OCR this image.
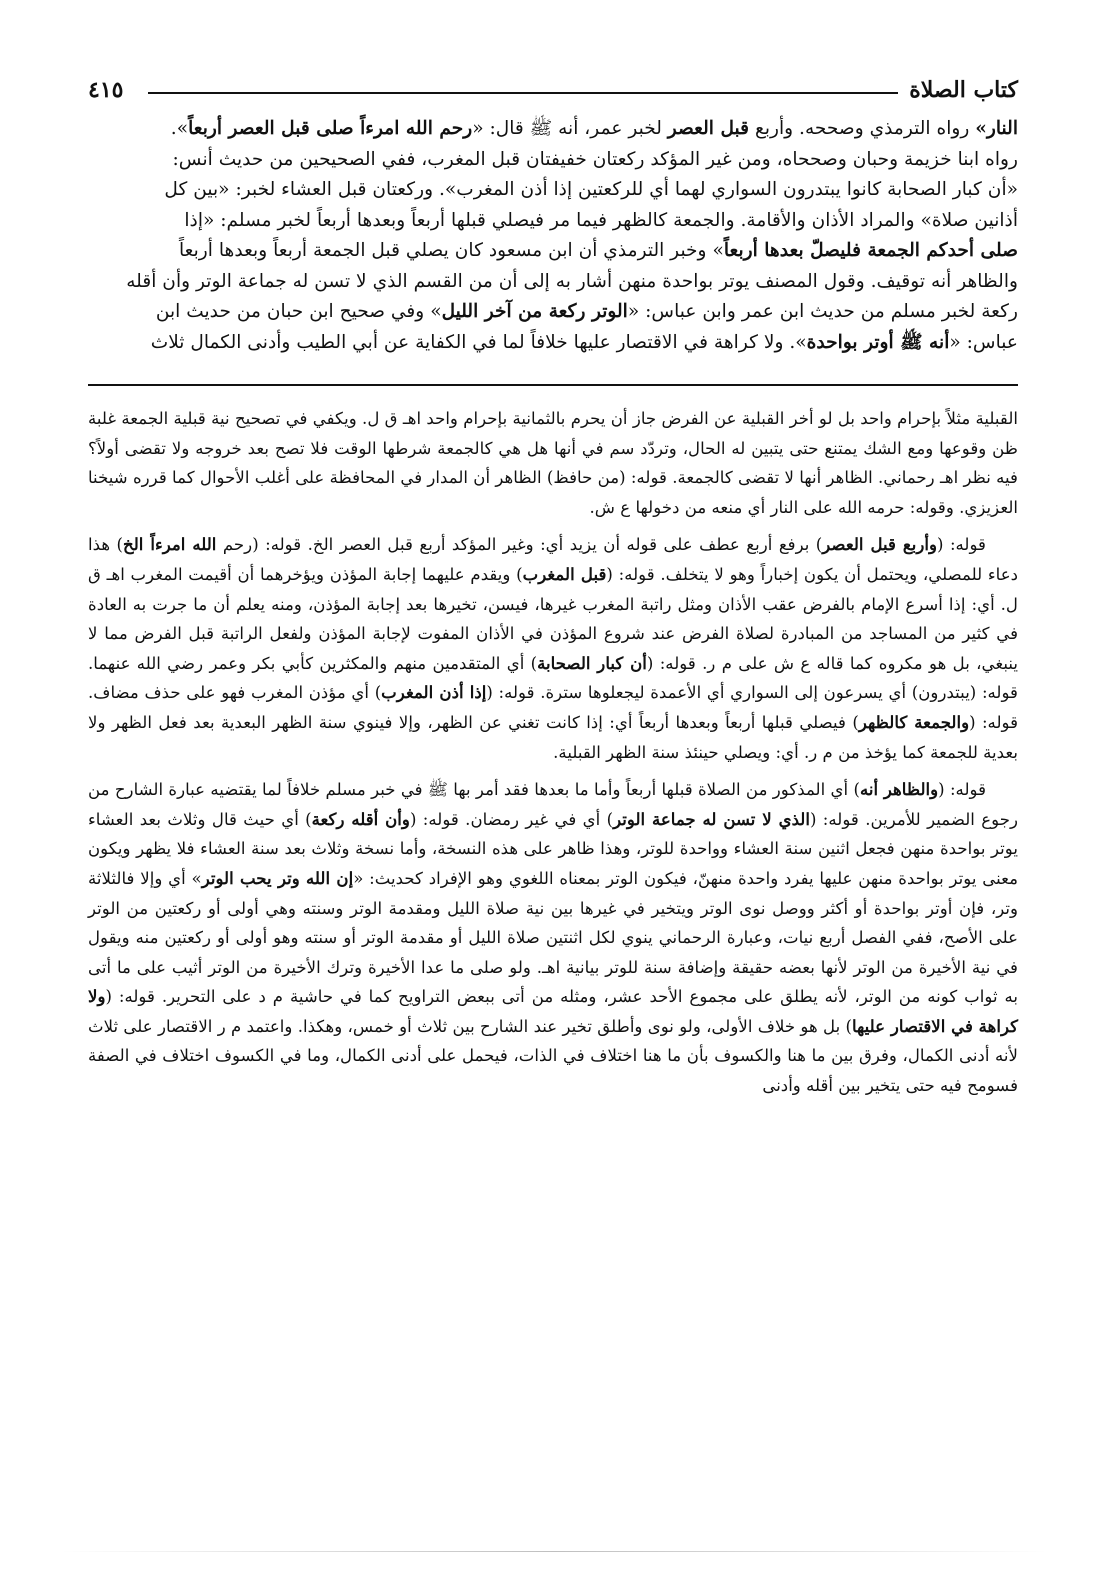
كتاب الصلاة
٤١٥

النار» رواه الترمذي وصححه. وأربع قبل العصر لخبر عمر، أنه ﷺ قال: «رحم الله امرءاً صلى قبل العصر أربعاً».

رواه ابنا خزيمة وحبان وصححاه، ومن غير المؤكد ركعتان خفيفتان قبل المغرب، ففي الصحيحين من حديث أنس:

«أن كبار الصحابة كانوا يبتدرون السواري لهما أي للركعتين إذا أذن المغرب». وركعتان قبل العشاء لخبر: «بين كل

أذانين صلاة» والمراد الأذان والأقامة. والجمعة كالظهر فيما مر فيصلي قبلها أربعاً وبعدها أربعاً لخبر مسلم: «إذا

صلى أحدكم الجمعة فليصلّ بعدها أربعاً» وخبر الترمذي أن ابن مسعود كان يصلي قبل الجمعة أربعاً وبعدها أربعاً

والظاهر أنه توقيف. وقول المصنف يوتر بواحدة منهن أشار به إلى أن من القسم الذي لا تسن له جماعة الوتر وأن أقله

ركعة لخبر مسلم من حديث ابن عمر وابن عباس: «الوتر ركعة من آخر الليل» وفي صحيح ابن حبان من حديث ابن

عباس: «أنه ﷺ أوتر بواحدة». ولا كراهة في الاقتصار عليها خلافاً لما في الكفاية عن أبي الطيب وأدنى الكمال ثلاث

القبلية مثلاً بإحرام واحد بل لو أخر القبلية عن الفرض جاز أن يحرم بالثمانية بإحرام واحد اهـ ق ل. ويكفي في تصحيح نية قبلية الجمعة غلبة ظن وقوعها ومع الشك يمتنع حتى يتبين له الحال، وتردّد سم في أنها هل هي كالجمعة شرطها الوقت فلا تصح بعد خروجه ولا تقضى أولاً؟ فيه نظر اهـ رحماني. الظاهر أنها لا تقضى كالجمعة. قوله: (من حافظ) الظاهر أن المدار في المحافظة على أغلب الأحوال كما قرره شيخنا العزيزي. وقوله: حرمه الله على النار أي منعه من دخولها ع ش.

قوله: (وأربع قبل العصر) برفع أربع عطف على قوله أن يزيد أي: وغير المؤكد أربع قبل العصر الخ. قوله: (رحم الله امرءاً الخ) هذا دعاء للمصلي، ويحتمل أن يكون إخباراً وهو لا يتخلف. قوله: (قبل المغرب) ويقدم عليهما إجابة المؤذن ويؤخرهما أن أقيمت المغرب اهـ ق ل. أي: إذا أسرع الإمام بالفرض عقب الأذان ومثل راتبة المغرب غيرها، فيسن، تخيرها بعد إجابة المؤذن، ومنه يعلم أن ما جرت به العادة في كثير من المساجد من المبادرة لصلاة الفرض عند شروع المؤذن في الأذان المفوت لإجابة المؤذن ولفعل الراتبة قبل الفرض مما لا ينبغي، بل هو مكروه كما قاله ع ش على م ر. قوله: (أن كبار الصحابة) أي المتقدمين منهم والمكثرين كأبي بكر وعمر رضي الله عنهما. قوله: (يبتدرون) أي يسرعون إلى السواري أي الأعمدة ليجعلوها سترة. قوله: (إذا أذن المغرب) أي مؤذن المغرب فهو على حذف مضاف. قوله: (والجمعة كالظهر) فيصلي قبلها أربعاً وبعدها أربعاً أي: إذا كانت تغني عن الظهر، وإلا فينوي سنة الظهر البعدية بعد فعل الظهر ولا بعدية للجمعة كما يؤخذ من م ر. أي: ويصلي حينئذ سنة الظهر القبلية.

قوله: (والظاهر أنه) أي المذكور من الصلاة قبلها أربعاً وأما ما بعدها فقد أمر بها ﷺ في خبر مسلم خلافاً لما يقتضيه عبارة الشارح من رجوع الضمير للأمرين. قوله: (الذي لا تسن له جماعة الوتر) أي في غير رمضان. قوله: (وأن أقله ركعة) أي حيث قال وثلاث بعد العشاء يوتر بواحدة منهن فجعل اثنين سنة العشاء وواحدة للوتر، وهذا ظاهر على هذه النسخة، وأما نسخة وثلاث بعد سنة العشاء فلا يظهر ويكون معنى يوتر بواحدة منهن عليها يفرد واحدة منهنّ، فيكون الوتر بمعناه اللغوي وهو الإفراد كحديث: «إن الله وتر يحب الوتر» أي وإلا فالثلاثة وتر، فإن أوتر بواحدة أو أكثر ووصل نوى الوتر ويتخير في غيرها بين نية صلاة الليل ومقدمة الوتر وسنته وهي أولى أو ركعتين من الوتر على الأصح، ففي الفصل أربع نيات، وعبارة الرحماني ينوي لكل اثنتين صلاة الليل أو مقدمة الوتر أو سنته وهو أولى أو ركعتين منه ويقول في نية الأخيرة من الوتر لأنها بعضه حقيقة وإضافة سنة للوتر بيانية اهـ. ولو صلى ما عدا الأخيرة وترك الأخيرة من الوتر أثيب على ما أتى به ثواب كونه من الوتر، لأنه يطلق على مجموع الأحد عشر، ومثله من أتى ببعض التراويح كما في حاشية م د على التحرير. قوله: (ولا كراهة في الاقتصار عليها) بل هو خلاف الأولى، ولو نوى وأطلق تخير عند الشارح بين ثلاث أو خمس، وهكذا. واعتمد م ر الاقتصار على ثلاث لأنه أدنى الكمال، وفرق بين ما هنا والكسوف بأن ما هنا اختلاف في الذات، فيحمل على أدنى الكمال، وما في الكسوف اختلاف في الصفة فسومح فيه حتى يتخير بين أقله وأدنى
